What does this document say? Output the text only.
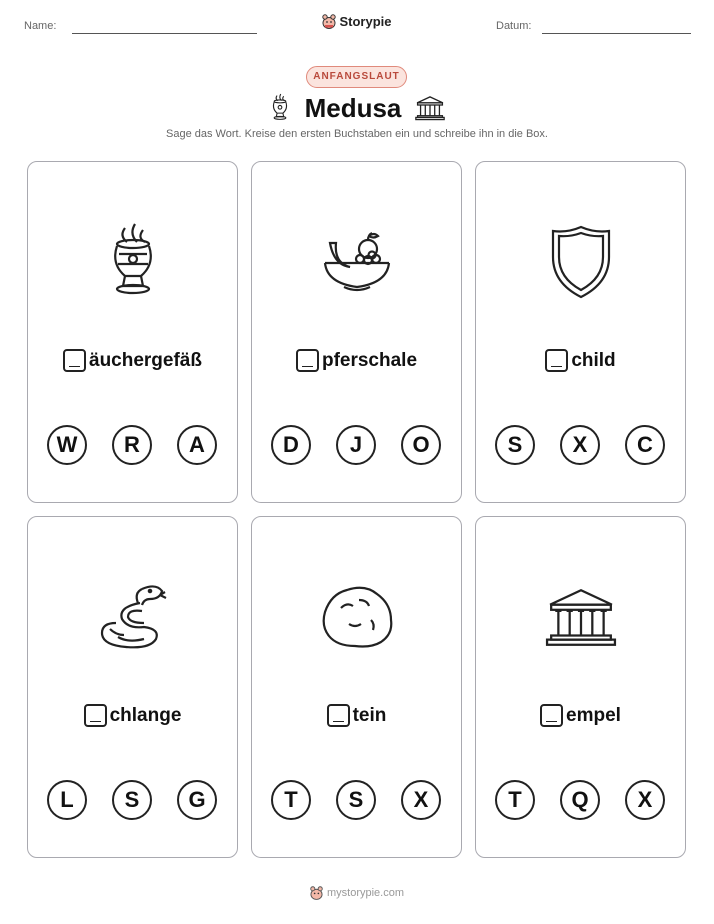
Name:	Storypie	Datum:
ANFANGSLAUT
Medusa
Sage das Wort. Kreise den ersten Buchstaben ein und schreibe ihn in die Box.
äuchergefäß
W	R	A
pferschale
D	J	O
child
S	X	C
chlange
L	S	G
tein
T	S	X
empel
T	Q	X
mystorypie.com
